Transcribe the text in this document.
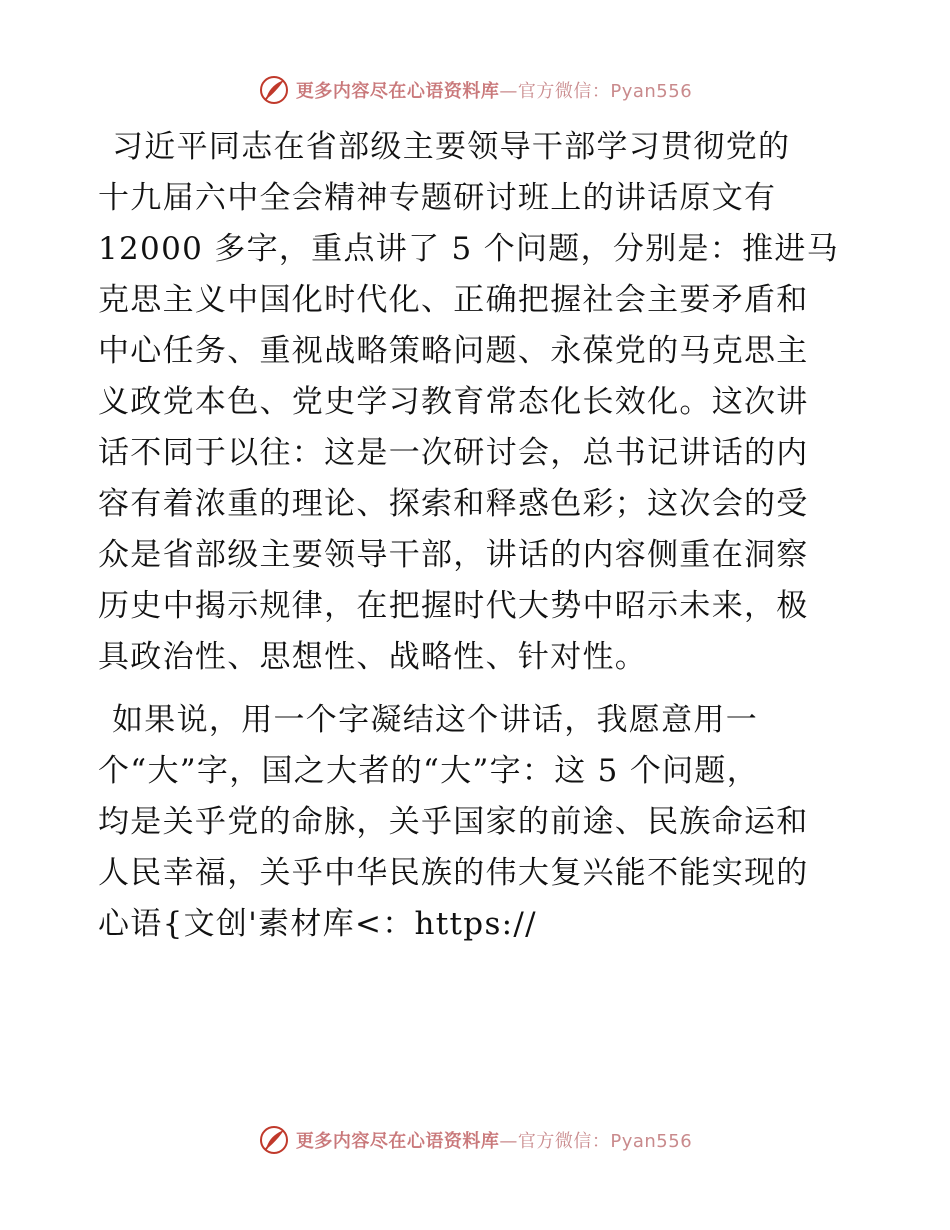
更多内容尽在心语资料库—官方微信：Pyan556

习近平同志在省部级主要领导干部学习贯彻党的
十九届六中全会精神专题研讨班上的讲话原文有
12000 多字，重点讲了 5 个问题，分别是：推进马
克思主义中国化时代化、正确把握社会主要矛盾和
中心任务、重视战略策略问题、永葆党的马克思主
义政党本色、党史学习教育常态化长效化。这次讲
话不同于以往：这是一次研讨会，总书记讲话的内
容有着浓重的理论、探索和释惑色彩；这次会的受
众是省部级主要领导干部，讲话的内容侧重在洞察
历史中揭示规律，在把握时代大势中昭示未来，极
具政治性、思想性、战略性、针对性。

如果说，用一个字凝结这个讲话，我愿意用一
个“大”字，国之大者的“大”字：这 5 个问题，
均是关乎党的命脉，关乎国家的前途、民族命运和
人民幸福，关乎中华民族的伟大复兴能不能实现的
心语{文创'素材库<：https://

更多内容尽在心语资料库—官方微信：Pyan556
